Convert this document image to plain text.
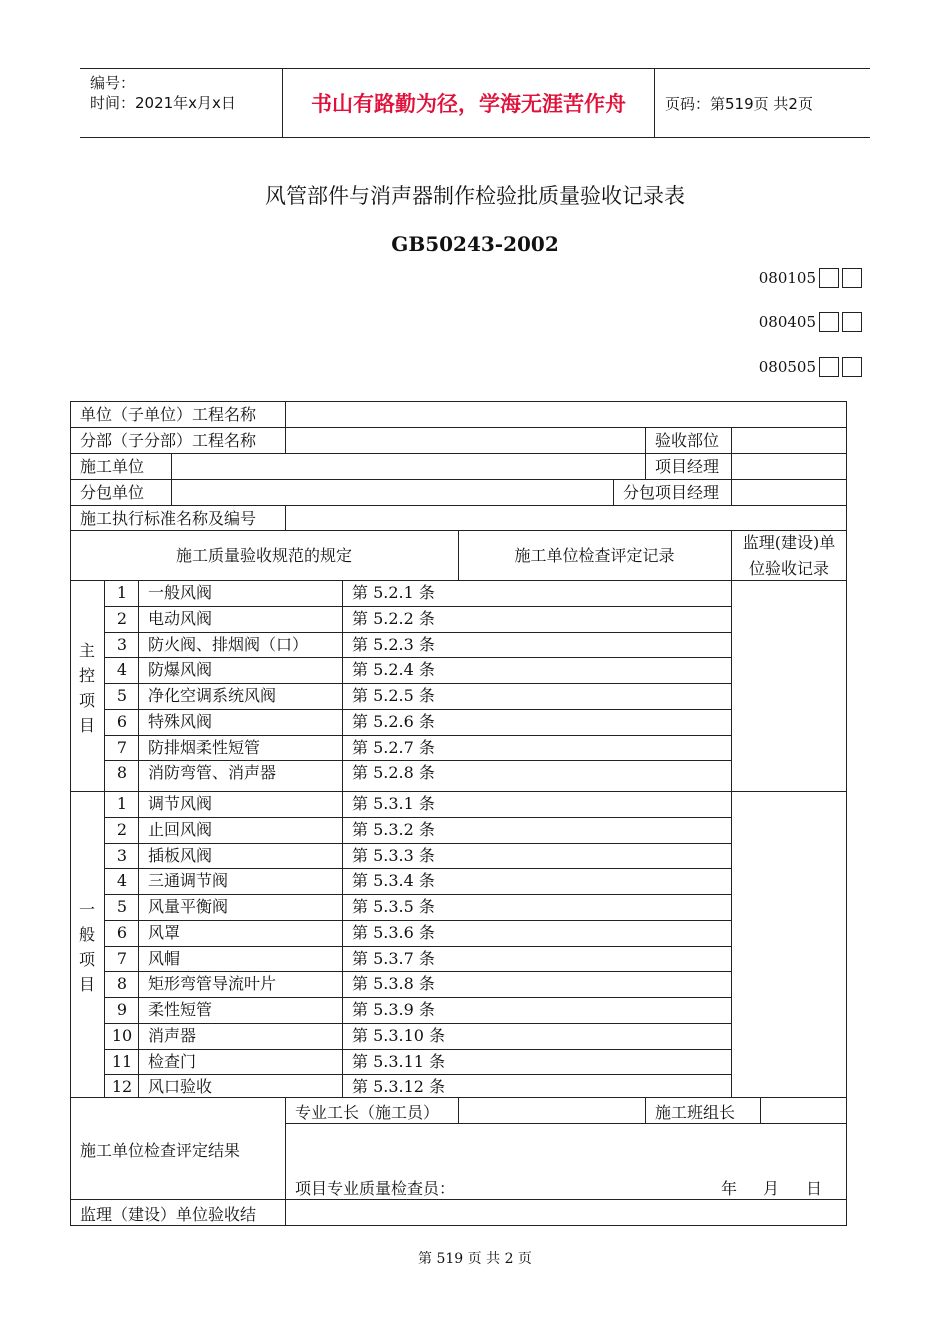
编号：
时间：2021年x月x日	书山有路勤为径，学海无涯苦作舟	页码：第519页 共2页
风管部件与消声器制作检验批质量验收记录表
GB50243-2002
080105
080405
080505
单位（子单位）工程名称
分部（子分部）工程名称	验收部位
施工单位	项目经理
分包单位	分包项目经理
施工执行标准名称及编号
施工质量验收规范的规定	施工单位检查评定记录
监理(建设)单
位验收记录
主
控
项
目
一
般
项
目
1	一般风阀	第 5.2.1 条
2	电动风阀	第 5.2.2 条
3	防火阀、排烟阀（口）	第 5.2.3 条
4	防爆风阀	第 5.2.4 条
5	净化空调系统风阀	第 5.2.5 条
6	特殊风阀	第 5.2.6 条
7	防排烟柔性短管	第 5.2.7 条
8	消防弯管、消声器	第 5.2.8 条
1	调节风阀	第 5.3.1 条
2	止回风阀	第 5.3.2 条
3	插板风阀	第 5.3.3 条
4	三通调节阀	第 5.3.4 条
5	风量平衡阀	第 5.3.5 条
6	风罩	第 5.3.6 条
7	风帽	第 5.3.7 条
8	矩形弯管导流叶片	第 5.3.8 条
9	柔性短管	第 5.3.9 条
10 消声器	第 5.3.10 条
11 检查门	第 5.3.11 条
12 风口验收	第 5.3.12 条
专业工长（施工员）	施工班组长
施工单位检查评定结果
项目专业质量检查员：	年 月 日
监理（建设）单位验收结
第 519 页 共 2 页
